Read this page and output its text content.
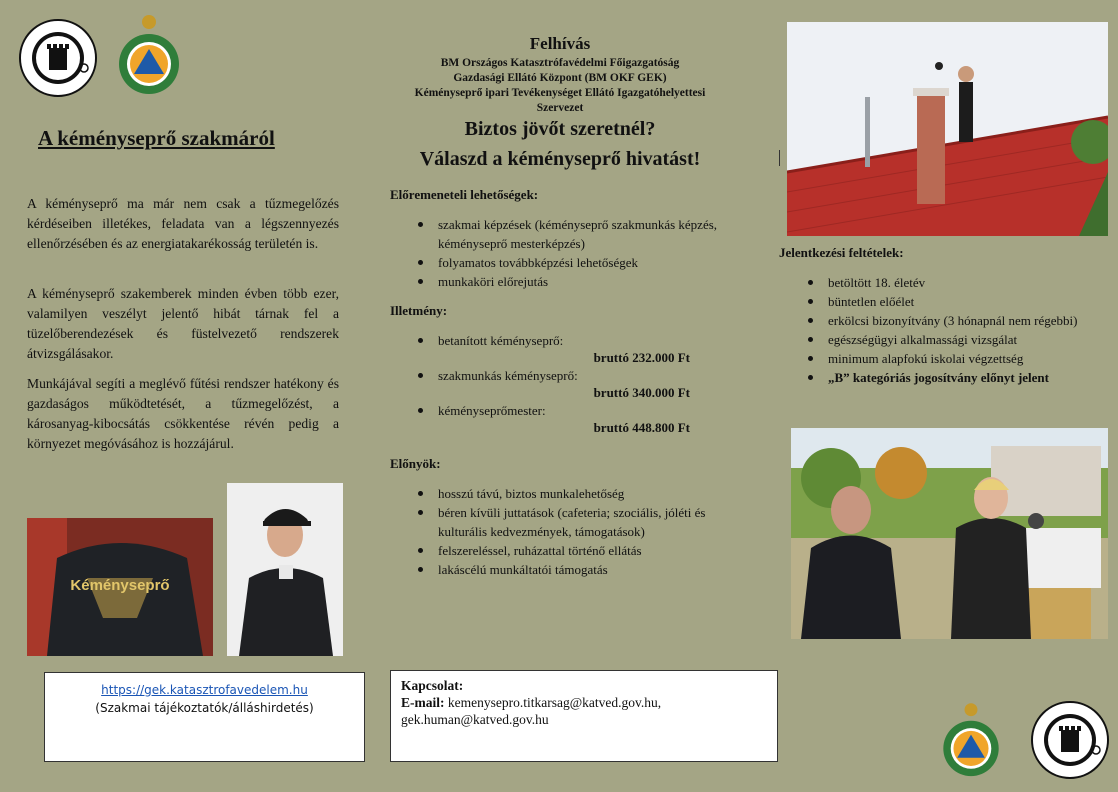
A kéményseprő szakmáról
A kéményseprő ma már nem csak a tűzmegelőzés kérdéseiben illetékes, feladata van a légszennyezés ellenőrzésében és az energiatakarékosság területén is.
A kéményseprő szakemberek minden évben több ezer, valamilyen veszélyt jelentő hibát tárnak fel a tüzelőberendezések és füstelvezető rendszerek átvizsgálásakor.
Munkájával segíti a meglévő fűtési rendszer hatékony és gazdaságos működtetését, a tűzmegelőzést, a károsanyag-kibocsátás csökkentése révén pedig a környezet megóvásához is hozzájárul.
Kéményseprő
Felhívás
BM Országos Katasztrófavédelmi Főigazgatóság
Gazdasági Ellátó Központ (BM OKF GEK)
Kéményseprő ipari Tevékenységet Ellátó Igazgatóhelyettesi
Szervezet
Biztos jövőt szeretnél?
Válaszd a kéményseprő hivatást!
Előremeneteli lehetőségek:
szakmai képzések (kéményseprő szakmunkás képzés, kéményseprő mesterképzés)
folyamatos továbbképzési lehetőségek
munkaköri előrejutás
Illetmény:
betanított kéményseprő:
bruttó 232.000 Ft
szakmunkás kéményseprő:
bruttó 340.000 Ft
kéményseprőmester:
bruttó 448.800 Ft
Előnyök:
hosszú távú, biztos munkalehetőség
béren kívüli juttatások (cafeteria; szociális, jóléti és kulturális kedvezmények, támogatások)
felszereléssel, ruházattal történő ellátás
lakáscélú munkáltatói támogatás
Jelentkezési feltételek:
betöltött 18. életév
büntetlen előélet
erkölcsi bizonyítvány (3 hónapnál nem régebbi)
egészségügyi alkalmassági vizsgálat
minimum alapfokú iskolai végzettség
„B” kategóriás jogosítvány előnyt jelent
https://gek.katasztrofavedelem.hu
(Szakmai tájékoztatók/álláshirdetés)
Kapcsolat:
E-mail: kemenysepro.titkarsag@katved.gov.hu,
gek.human@katved.gov.hu
